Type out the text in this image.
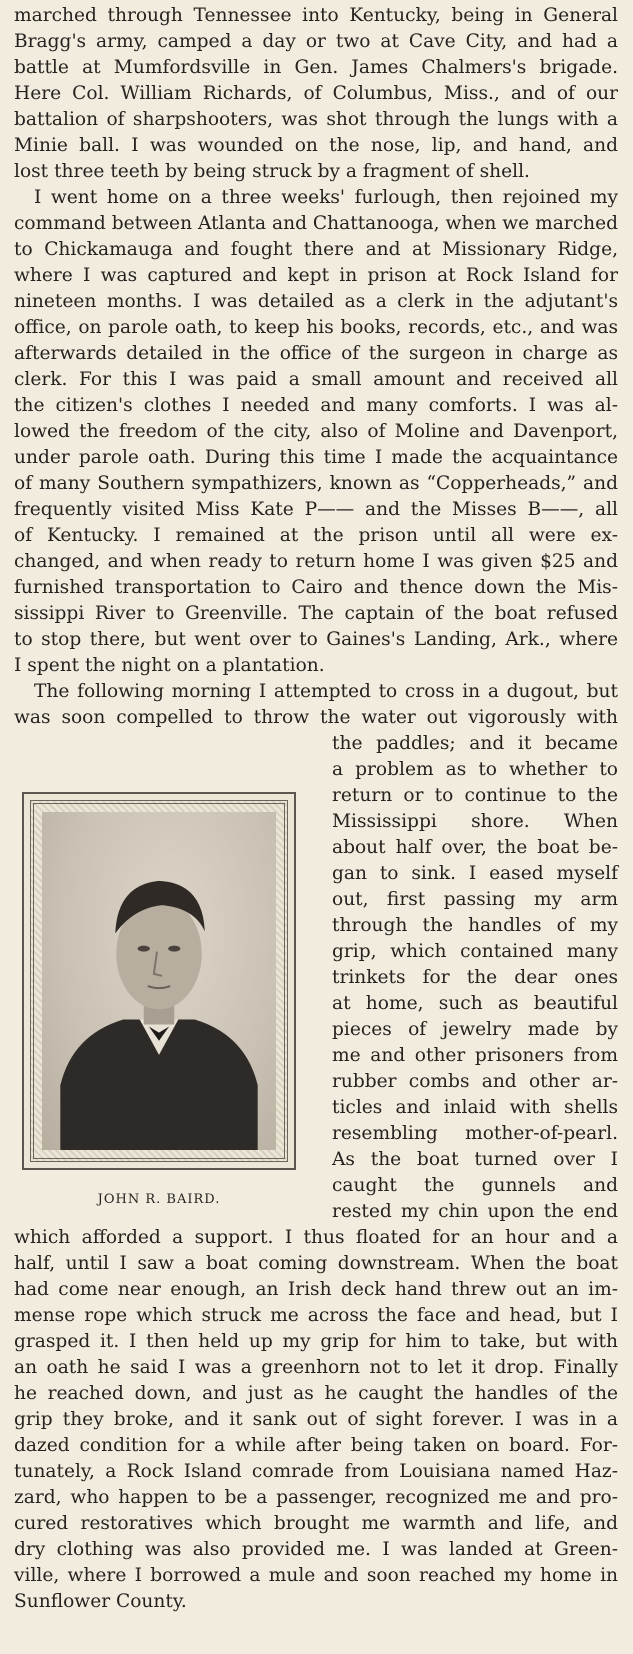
marched through Tennessee into Kentucky, being in General
Bragg's army, camped a day or two at Cave City, and had a
battle at Mumfordsville in Gen. James Chalmers's brigade.
Here Col. William Richards, of Columbus, Miss., and of our
battalion of sharpshooters, was shot through the lungs with a
Minie ball. I was wounded on the nose, lip, and hand, and
lost three teeth by being struck by a fragment of shell.
I went home on a three weeks' furlough, then rejoined my
command between Atlanta and Chattanooga, when we marched
to Chickamauga and fought there and at Missionary Ridge,
where I was captured and kept in prison at Rock Island for
nineteen months. I was detailed as a clerk in the adjutant's
office, on parole oath, to keep his books, records, etc., and was
afterwards detailed in the office of the surgeon in charge as
clerk. For this I was paid a small amount and received all
the citizen's clothes I needed and many comforts. I was al-
lowed the freedom of the city, also of Moline and Davenport,
under parole oath. During this time I made the acquaintance
of many Southern sympathizers, known as “Copperheads,” and
frequently visited Miss Kate P—— and the Misses B——, all
of Kentucky. I remained at the prison until all were ex-
changed, and when ready to return home I was given $25 and
furnished transportation to Cairo and thence down the Mis-
sissippi River to Greenville. The captain of the boat refused
to stop there, but went over to Gaines's Landing, Ark., where
I spent the night on a plantation.
The following morning I attempted to cross in a dugout, but
was soon compelled to throw the water out vigorously with
the paddles; and it became
a problem as to whether to
return or to continue to the
Mississippi shore. When
about half over, the boat be-
gan to sink. I eased myself
out, first passing my arm
through the handles of my
grip, which contained many
trinkets for the dear ones
at home, such as beautiful
pieces of jewelry made by
me and other prisoners from
rubber combs and other ar-
ticles and inlaid with shells
resembling mother-of-pearl.
As the boat turned over I
caught the gunnels and
rested my chin upon the end
which afforded a support. I thus floated for an hour and a
half, until I saw a boat coming downstream. When the boat
had come near enough, an Irish deck hand threw out an im-
mense rope which struck me across the face and head, but I
grasped it. I then held up my grip for him to take, but with
an oath he said I was a greenhorn not to let it drop. Finally
he reached down, and just as he caught the handles of the
grip they broke, and it sank out of sight forever. I was in a
dazed condition for a while after being taken on board. For-
tunately, a Rock Island comrade from Louisiana named Haz-
zard, who happen to be a passenger, recognized me and pro-
cured restoratives which brought me warmth and life, and
dry clothing was also provided me. I was landed at Green-
ville, where I borrowed a mule and soon reached my home in
Sunflower County.
JOHN R. BAIRD.
